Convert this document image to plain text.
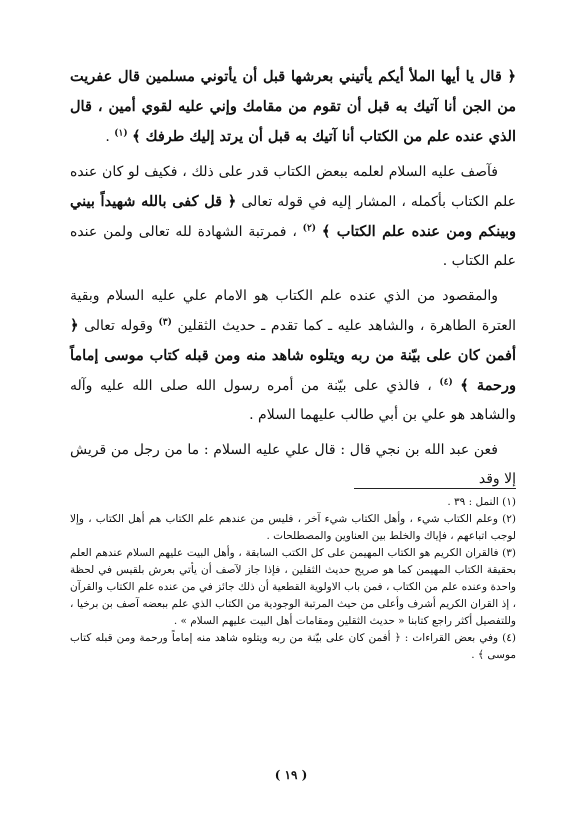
﴿ قال يا أيها الملأ أيكم يأتيني بعرشها قبل أن يأتوني مسلمين قال عفريت من الجن أنا آتيك به قبل أن تقوم من مقامك وإني عليه لقوي أمين ، قال الذي عنده علم من الكتاب أنا آتيك به قبل أن يرتد إليك طرفك ﴾ $^{(١)}$ .

فآصف عليه السلام لعلمه ببعض الكتاب قدر على ذلك ، فكيف لو كان عنده علم الكتاب بأكمله ، المشار إليه في قوله تعالى ﴿ قل كفى بالله شهيداً بيني وبينكم ومن عنده علم الكتاب ﴾ $^{(٢)}$ ، فمرتبة الشهادة لله تعالى ولمن عنده علم الكتاب .

والمقصود من الذي عنده علم الكتاب هو الامام علي عليه السلام وبقية العترة الطاهرة ، والشاهد عليه ـ كما تقدم ـ حديث الثقلين $^{(٣)}$ وقوله تعالى ﴿ أفمن كان على بيّنة من ربه ويتلوه شاهد منه ومن قبله كتاب موسى إماماً ورحمة ﴾ $^{(٤)}$ ، فالذي على بيّنة من أمره رسول الله صلى الله عليه وآله والشاهد هو علي بن أبي طالب عليهما السلام .

فعن عبد الله بن نجي قال : قال علي عليه السلام : ما من رجل من قريش إلا وقد

(١) النمل : ٣٩ .

(٢) وعلم الكتاب شيء ، وأهل الكتاب شيء آخر ، فليس من عندهم علم الكتاب هم أهل الكتاب ، وإلا لوجب اتباعهم ، فإياك والخلط بين العناوين والمصطلحات .

(٣) فالقران الكريم هو الكتاب المهيمن على كل الكتب السابقة ، وأهل البيت عليهم السلام عندهم العلم بحقيقة الكتاب المهيمن كما هو صريح حديث الثقلين ، فإذا جاز لآصف أن يأتي بعرش بلقيس في لحظة واحدة وعنده علم من الكتاب ، فمن باب الاولوية القطعية أن ذلك جائز في من عنده علم الكتاب والقرآن ، إذ القران الكريم أشرف وأعلى من حيث المرتبة الوجودية من الكتاب الذي علم ببعضه آصف بن برخيا ، وللتفصيل أكثر راجع كتابنا « حديث الثقلين ومقامات أهل البيت عليهم السلام » .

(٤) وفي بعض القراءات : ﴿ أفمن كان على بيّنة من ربه ويتلوه شاهد منه إماماً ورحمة ومن قبله كتاب موسى ﴾ .

( ١٩ )
